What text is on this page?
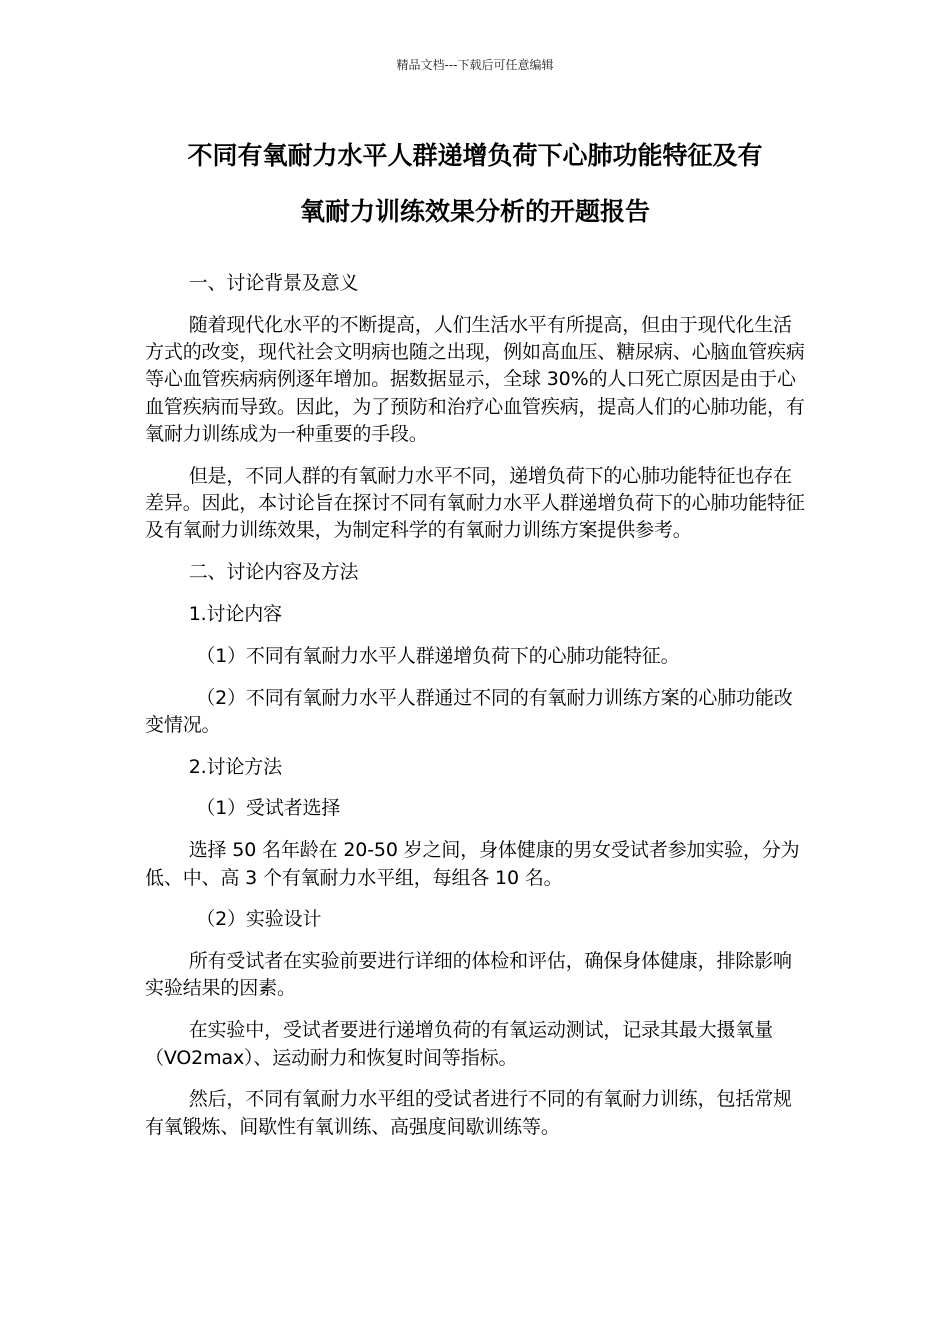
精品文档---下载后可任意编辑
不同有氧耐力水平人群递增负荷下心肺功能特征及有
氧耐力训练效果分析的开题报告

一、讨论背景及意义

随着现代化水平的不断提高，人们生活水平有所提高，但由于现代化生活方式的改变，现代社会文明病也随之出现，例如高血压、糖尿病、心脑血管疾病等心血管疾病病例逐年增加。据数据显示，全球 30%的人口死亡原因是由于心血管疾病而导致。因此，为了预防和治疗心血管疾病，提高人们的心肺功能，有氧耐力训练成为一种重要的手段。

但是，不同人群的有氧耐力水平不同，递增负荷下的心肺功能特征也存在差异。因此，本讨论旨在探讨不同有氧耐力水平人群递增负荷下的心肺功能特征及有氧耐力训练效果，为制定科学的有氧耐力训练方案提供参考。

二、讨论内容及方法

1.讨论内容

（1）不同有氧耐力水平人群递增负荷下的心肺功能特征。

（2）不同有氧耐力水平人群通过不同的有氧耐力训练方案的心肺功能改变情况。

2.讨论方法

（1）受试者选择

选择 50 名年龄在 20-50 岁之间，身体健康的男女受试者参加实验，分为低、中、高 3 个有氧耐力水平组，每组各 10 名。

（2）实验设计

所有受试者在实验前要进行详细的体检和评估，确保身体健康，排除影响实验结果的因素。

在实验中，受试者要进行递增负荷的有氧运动测试，记录其最大摄氧量（VO2max）、运动耐力和恢复时间等指标。

然后，不同有氧耐力水平组的受试者进行不同的有氧耐力训练，包括常规有氧锻炼、间歇性有氧训练、高强度间歇训练等。
